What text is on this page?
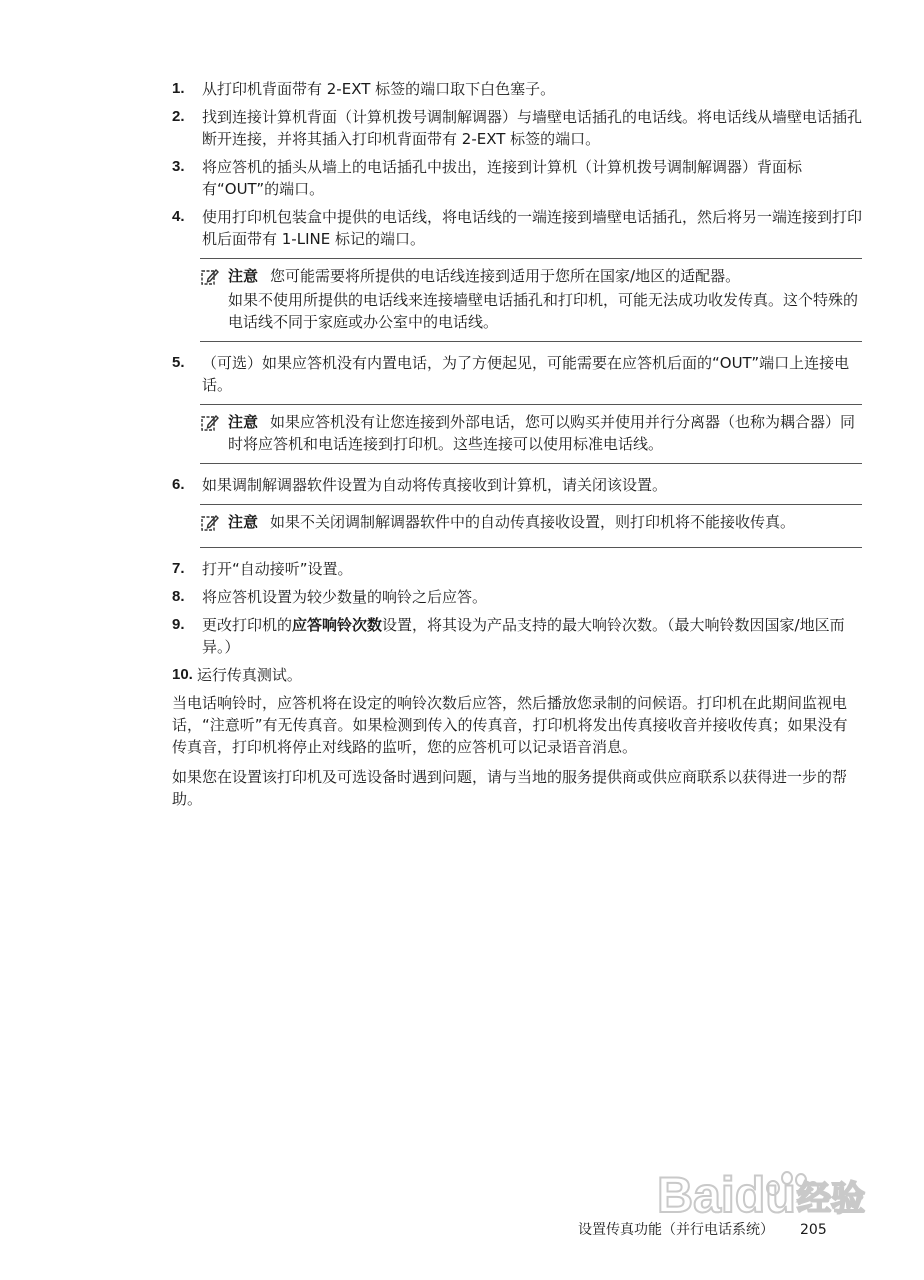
1.	从打印机背面带有 2-EXT 标签的端口取下白色塞子。
2.	找到连接计算机背面（计算机拨号调制解调器）与墙壁电话插孔的电话线。将电话线从墙壁电话插孔断开连接，并将其插入打印机背面带有 2-EXT 标签的端口。
3.	将应答机的插头从墙上的电话插孔中拔出，连接到计算机（计算机拨号调制解调器）背面标有“OUT”的端口。
4.	使用打印机包装盒中提供的电话线，将电话线的一端连接到墙壁电话插孔，然后将另一端连接到打印机后面带有 1-LINE 标记的端口。
注意 您可能需要将所提供的电话线连接到适用于您所在国家/地区的适配器。
如果不使用所提供的电话线来连接墙壁电话插孔和打印机，可能无法成功收发传真。这个特殊的电话线不同于家庭或办公室中的电话线。
5.	（可选）如果应答机没有内置电话，为了方便起见，可能需要在应答机后面的“OUT”端口上连接电话。
注意 如果应答机没有让您连接到外部电话，您可以购买并使用并行分离器（也称为耦合器）同时将应答机和电话连接到打印机。这些连接可以使用标准电话线。
6.	如果调制解调器软件设置为自动将传真接收到计算机，请关闭该设置。
注意 如果不关闭调制解调器软件中的自动传真接收设置，则打印机将不能接收传真。
7.	打开“自动接听”设置。
8.	将应答机设置为较少数量的响铃之后应答。
9.	更改打印机的应答响铃次数设置，将其设为产品支持的最大响铃次数。（最大响铃数因国家/地区而异。）
10. 运行传真测试。
当电话响铃时，应答机将在设定的响铃次数后应答，然后播放您录制的问候语。打印机在此期间监视电话，“注意听”有无传真音。如果检测到传入的传真音，打印机将发出传真接收音并接收传真；如果没有传真音，打印机将停止对线路的监听，您的应答机可以记录语音消息。
如果您在设置该打印机及可选设备时遇到问题，请与当地的服务提供商或供应商联系以获得进一步的帮助。
Baidu 经验
设置传真功能（并行电话系统） 205
